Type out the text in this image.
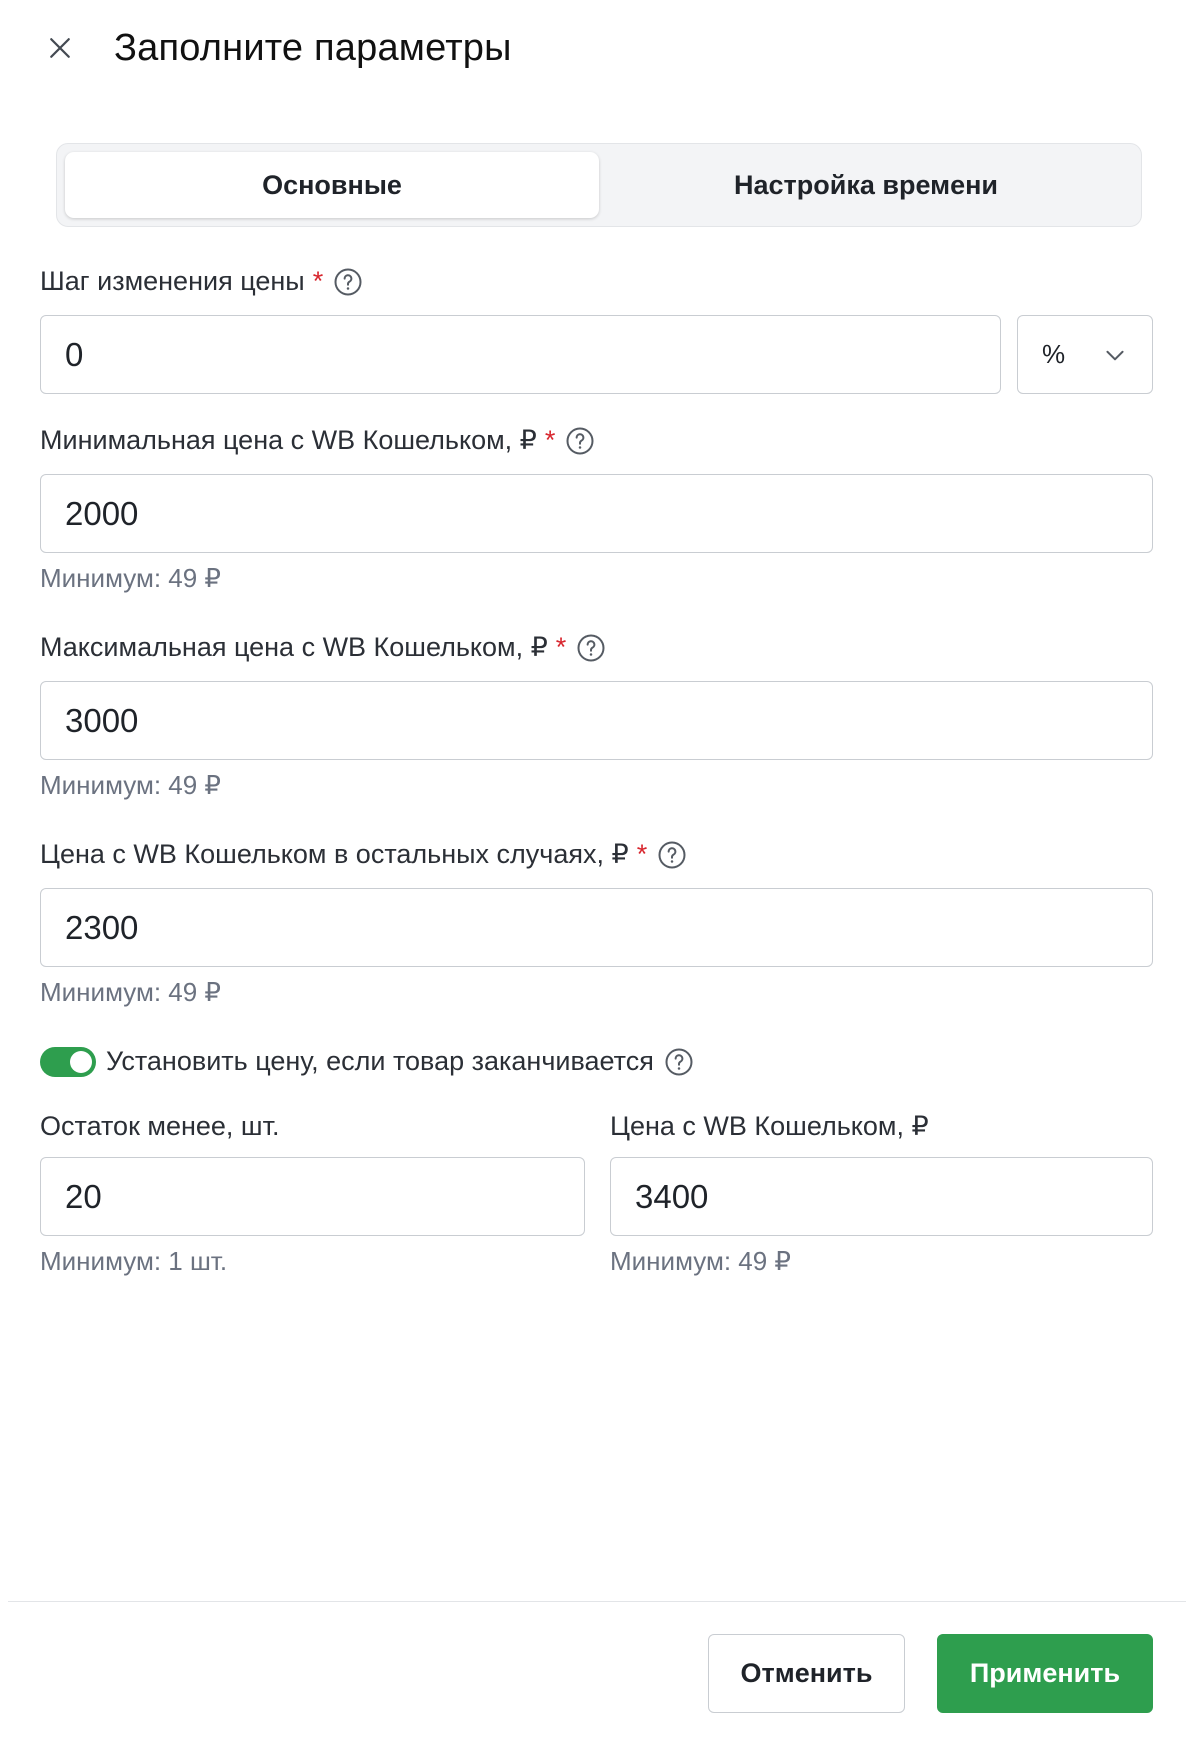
Заполните параметры
Основные	Настройка времени
Шаг изменения цены *
0	%
Минимальная цена с WB Кошельком, ₽ *
2000
Минимум: 49 ₽
Максимальная цена с WB Кошельком, ₽ *
3000
Минимум: 49 ₽
Цена с WB Кошельком в остальных случаях, ₽ *
2300
Минимум: 49 ₽
Установить цену, если товар заканчивается
Остаток менее, шт.
20
Минимум: 1 шт.
Цена с WB Кошельком, ₽
3400
Минимум: 49 ₽
Отменить	Применить
